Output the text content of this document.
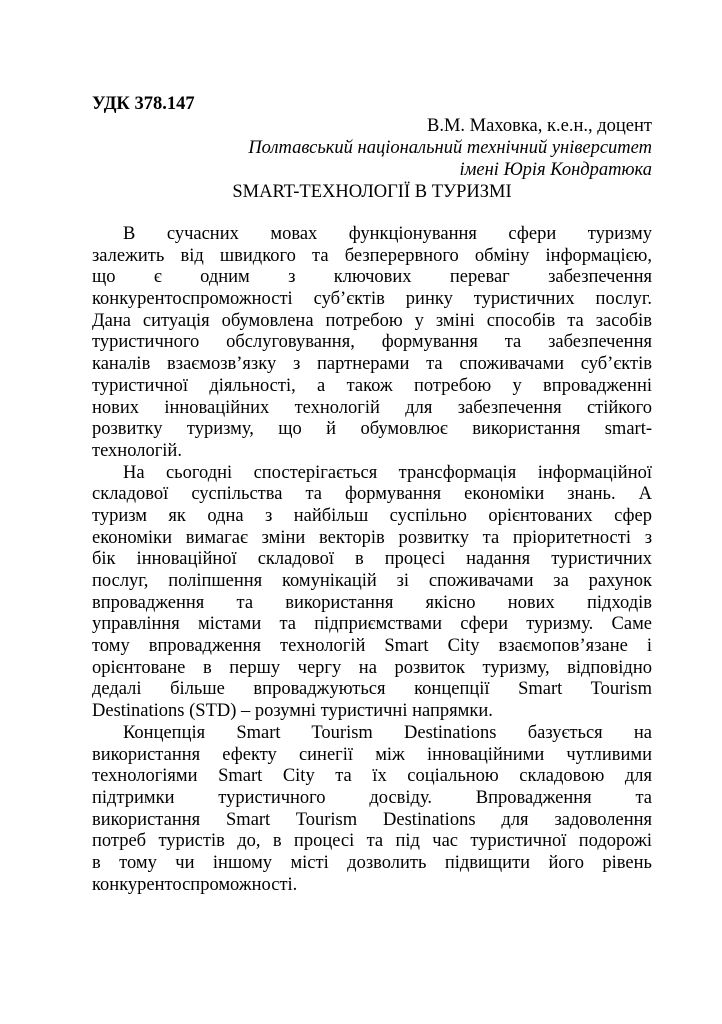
УДК 378.147
В.М. Маховка, к.е.н., доцент
Полтавський національний технічний університет
імені Юрія Кондратюка
SMART-ТЕХНОЛОГІЇ В ТУРИЗМІ
В сучасних мовах функціонування сфери туризму
залежить від швидкого та безперервного обміну інформацією,
що є одним з ключових переваг забезпечення
конкурентоспроможності суб’єктів ринку туристичних послуг.
Дана ситуація обумовлена потребою у зміні способів та засобів
туристичного обслуговування, формування та забезпечення
каналів взаємозв’язку з партнерами та споживачами суб’єктів
туристичної діяльності, а також потребою у впровадженні
нових інноваційних технологій для забезпечення стійкого
розвитку туризму, що й обумовлює використання smart-
технологій.
На сьогодні спостерігається трансформація інформаційної
складової суспільства та формування економіки знань. А
туризм як одна з найбільш суспільно орієнтованих сфер
економіки вимагає зміни векторів розвитку та пріоритетності з
бік інноваційної складової в процесі надання туристичних
послуг, поліпшення комунікацій зі споживачами за рахунок
впровадження та використання якісно нових підходів
управління містами та підприємствами сфери туризму. Саме
тому впровадження технологій Smart City взаємопов’язане і
орієнтоване в першу чергу на розвиток туризму, відповідно
дедалі більше впроваджуються концепції Smart Tourism
Destinations (STD) – розумні туристичні напрямки.
Концепція Smart Tourism Destinations базується на
використання ефекту синегії між інноваційними чутливими
технологіями Smart City та їх соціальною складовою для
підтримки туристичного досвіду. Впровадження та
використання Smart Tourism Destinations для задоволення
потреб туристів до, в процесі та під час туристичної подорожі
в тому чи іншому місті дозволить підвищити його рівень
конкурентоспроможності.
